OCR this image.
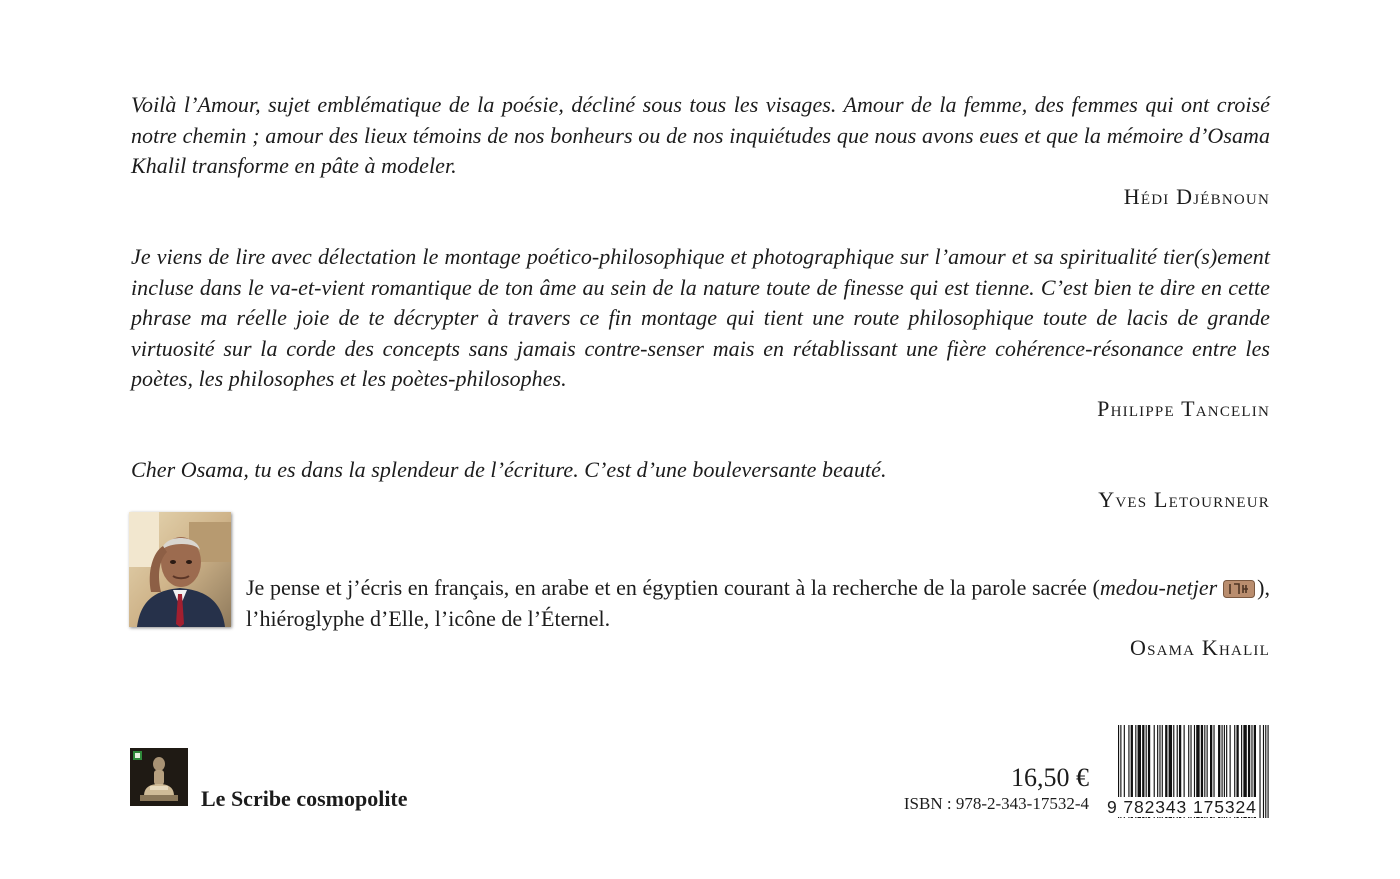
Voilà l’Amour, sujet emblématique de la poésie, décliné sous tous les visages. Amour de la femme, des femmes qui ont croisé notre chemin ; amour des lieux témoins de nos bonheurs ou de nos inquiétudes que nous avons eues et que la mémoire d’Osama Khalil transforme en pâte à modeler.

Hédi Djébnoun

Je viens de lire avec délectation le montage poético-philosophique et photographique sur l’amour et sa spiritualité tier(s)ement incluse dans le va-et-vient romantique de ton âme au sein de la nature toute de finesse qui est tienne. C’est bien te dire en cette phrase ma réelle joie de te décrypter à travers ce fin montage qui tient une route philosophique toute de lacis de grande virtuosité sur la corde des concepts sans jamais contre-senser mais en rétablissant une fière cohérence-résonance entre les poètes, les philosophes et les poètes-philosophes.

Philippe Tancelin

Cher Osama, tu es dans la splendeur de l’écriture. C’est d’une bouleversante beauté.

Yves Letourneur

Je pense et j’écris en français, en arabe et en égyptien courant à la recherche de la parole sacrée (medou-netjer ), l’hiéroglyphe d’Elle, l’icône de l’Éternel.

Osama Khalil

Le Scribe cosmopolite
16,50 €
ISBN : 978-2-343-17532-4 9 782343 175324
